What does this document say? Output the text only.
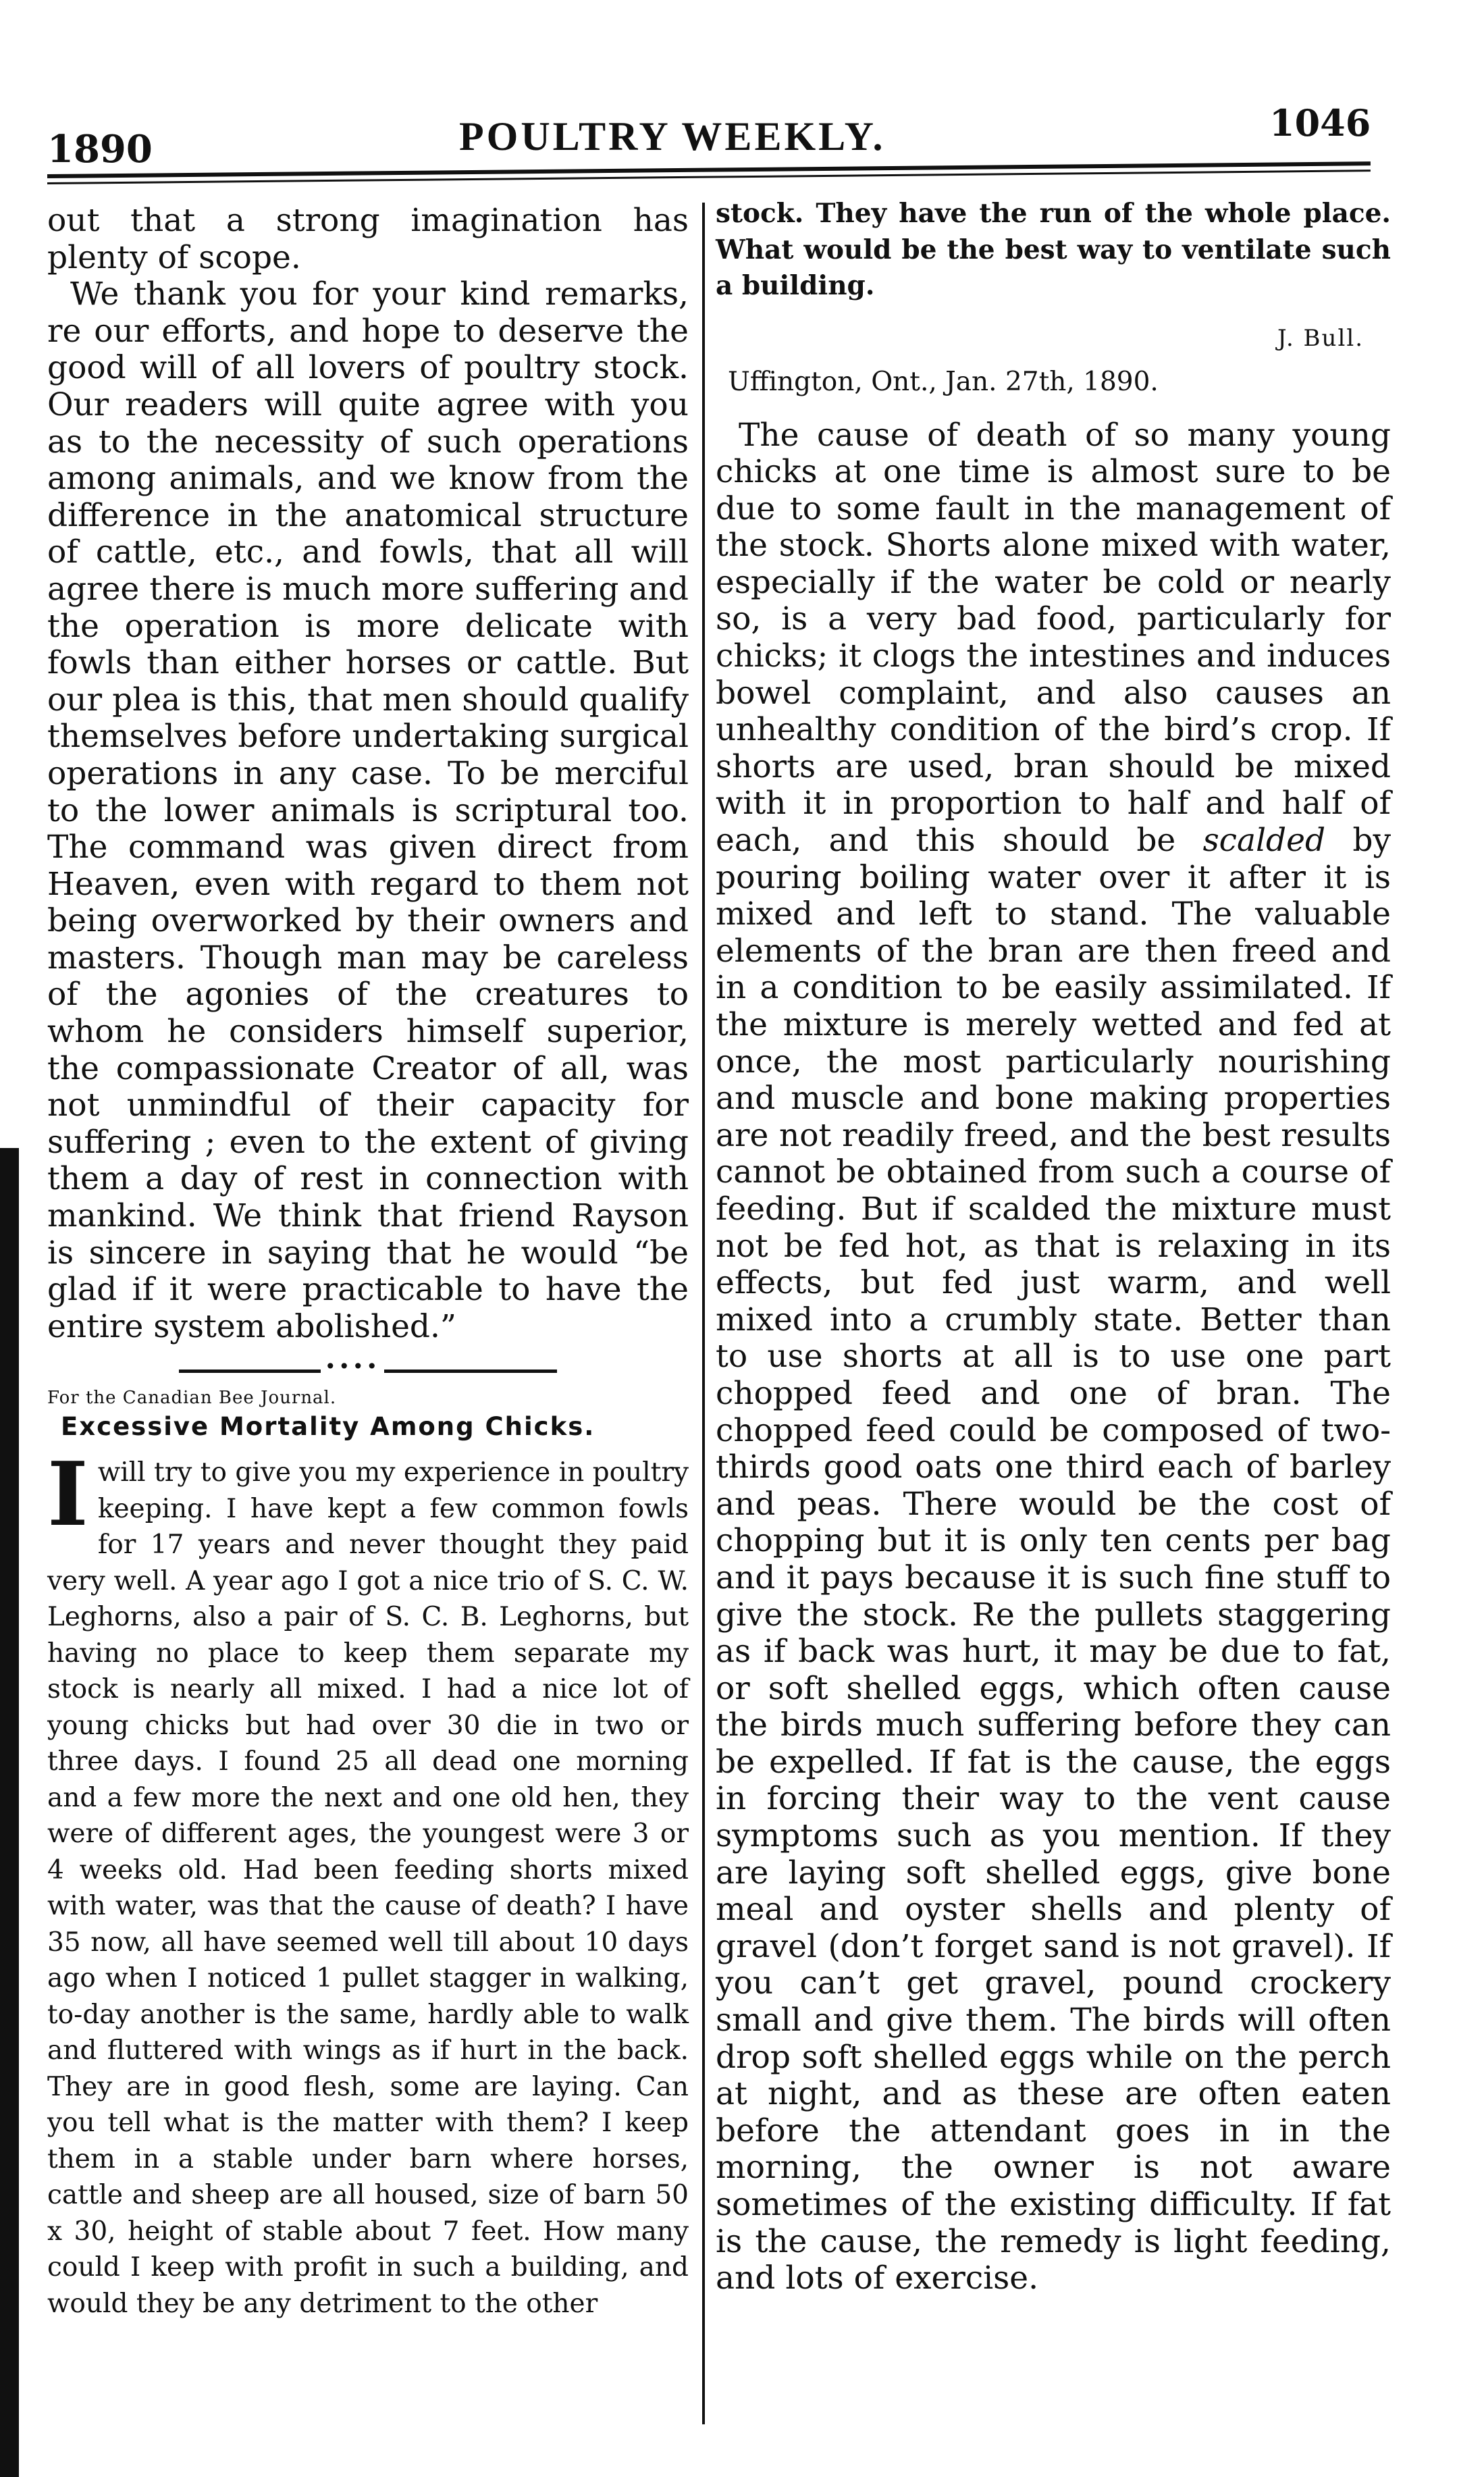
1890	POULTRY WEEKLY.	1046

out that a strong imagination has plenty of scope.

We thank you for your kind remarks, re our efforts, and hope to deserve the good will of all lovers of poultry stock. Our readers will quite agree with you as to the necessity of such operations among animals, and we know from the difference in the anatomical structure of cattle, etc., and fowls, that all will agree there is much more suffering and the operation is more delicate with fowls than either horses or cattle. But our plea is this, that men should qualify themselves before undertaking surgical operations in any case. To be merciful to the lower animals is scriptural too. The command was given direct from Heaven, even with regard to them not being overworked by their owners and masters. Though man may be careless of the agonies of the creatures to whom he considers himself superior, the compassionate Creator of all, was not unmindful of their capacity for suffering ; even to the extent of giving them a day of rest in connection with mankind. We think that friend Rayson is sincere in saying that he would “be glad if it were practicable to have the entire system abolished.”

••••

For the Canadian Bee Journal.

Excessive Mortality Among Chicks.

I will try to give you my experience in poultry keeping. I have kept a few common fowls for 17 years and never thought they paid very well. A year ago I got a nice trio of S. C. W. Leghorns, also a pair of S. C. B. Leghorns, but having no place to keep them separate my stock is nearly all mixed. I had a nice lot of young chicks but had over 30 die in two or three days. I found 25 all dead one morning and a few more the next and one old hen, they were of different ages, the youngest were 3 or 4 weeks old. Had been feeding shorts mixed with water, was that the cause of death? I have 35 now, all have seemed well till about 10 days ago when I noticed 1 pullet stagger in walking, to-day another is the same, hardly able to walk and fluttered with wings as if hurt in the back. They are in good flesh, some are laying. Can you tell what is the matter with them? I keep them in a stable under barn where horses, cattle and sheep are all housed, size of barn 50 x 30, height of stable about 7 feet. How many could I keep with profit in such a building, and would they be any detriment to the other

stock. They have the run of the whole place. What would be the best way to ventilate such a building.

J. Bull.

Uffington, Ont., Jan. 27th, 1890.

The cause of death of so many young chicks at one time is almost sure to be due to some fault in the management of the stock. Shorts alone mixed with water, especially if the water be cold or nearly so, is a very bad food, particularly for chicks; it clogs the intestines and induces bowel complaint, and also causes an unhealthy condition of the bird’s crop. If shorts are used, bran should be mixed with it in proportion to half and half of each, and this should be scalded by pouring boiling water over it after it is mixed and left to stand. The valuable elements of the bran are then freed and in a condition to be easily assimilated. If the mixture is merely wetted and fed at once, the most particularly nourishing and muscle and bone making properties are not readily freed, and the best results cannot be obtained from such a course of feeding. But if scalded the mixture must not be fed hot, as that is relaxing in its effects, but fed just warm, and well mixed into a crumbly state. Better than to use shorts at all is to use one part chopped feed and one of bran. The chopped feed could be composed of two-thirds good oats one third each of barley and peas. There would be the cost of chopping but it is only ten cents per bag and it pays because it is such fine stuff to give the stock. Re the pullets staggering as if back was hurt, it may be due to fat, or soft shelled eggs, which often cause the birds much suffering before they can be expelled. If fat is the cause, the eggs in forcing their way to the vent cause symptoms such as you mention. If they are laying soft shelled eggs, give bone meal and oyster shells and plenty of gravel (don’t forget sand is not gravel). If you can’t get gravel, pound crockery small and give them. The birds will often drop soft shelled eggs while on the perch at night, and as these are often eaten before the attendant goes in in the morning, the owner is not aware sometimes of the existing difficulty. If fat is the cause, the remedy is light feeding, and lots of exercise.
